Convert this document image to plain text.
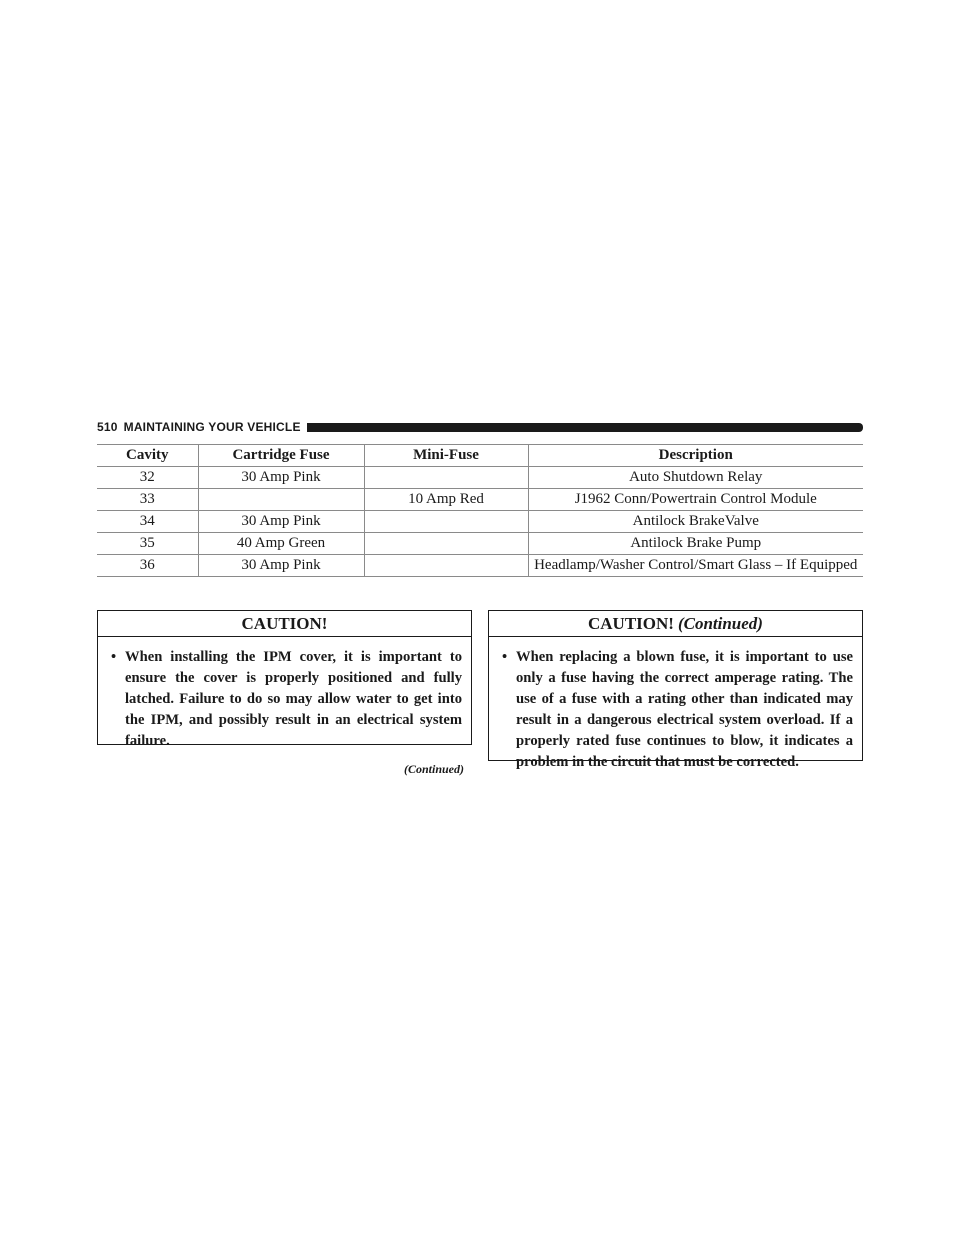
510 MAINTAINING YOUR VEHICLE
Cavity	Cartridge Fuse	Mini-Fuse	Description
32	30 Amp Pink		Auto Shutdown Relay
33		10 Amp Red	J1962 Conn/Powertrain Control Module
34	30 Amp Pink		Antilock BrakeValve
35	40 Amp Green		Antilock Brake Pump
36	30 Amp Pink		Headlamp/Washer Control/Smart Glass – If Equipped
CAUTION!
• When installing the IPM cover, it is important to ensure the cover is properly positioned and fully latched. Failure to do so may allow water to get into the IPM, and possibly result in an electrical system failure.
(Continued)
CAUTION! (Continued)
• When replacing a blown fuse, it is important to use only a fuse having the correct amperage rating. The use of a fuse with a rating other than indicated may result in a dangerous electrical system overload. If a properly rated fuse continues to blow, it indicates a problem in the circuit that must be corrected.
